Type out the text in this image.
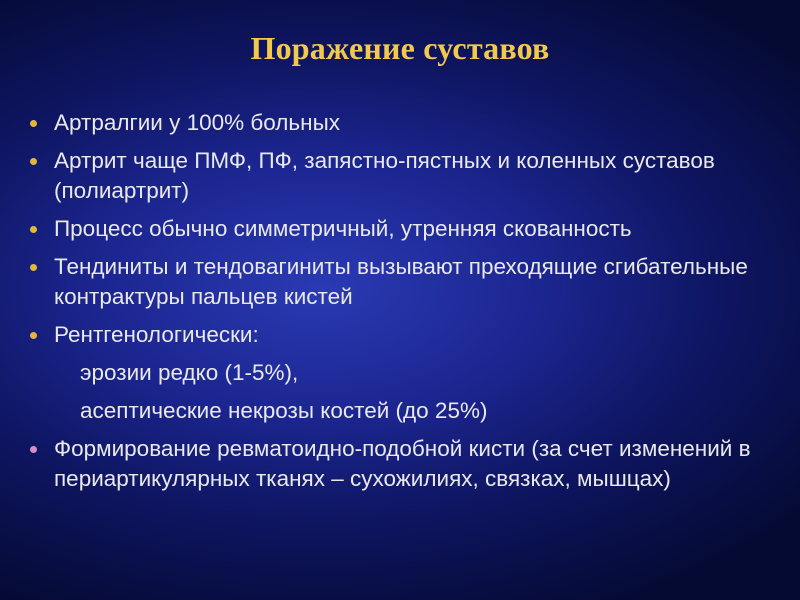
Поражение суставов
Артралгии у 100% больных
Артрит чаще ПМФ, ПФ, запястно-пястных и коленных суставов (полиартрит)
Процесс обычно симметричный, утренняя скованность
Тендиниты и тендовагиниты вызывают преходящие сгибательные контрактуры пальцев кистей
Рентгенологически:
эрозии редко (1-5%),
асептические некрозы костей (до 25%)
Формирование ревматоидно-подобной кисти (за счет изменений в периартикулярных тканях – сухожилиях, связках, мышцах)
